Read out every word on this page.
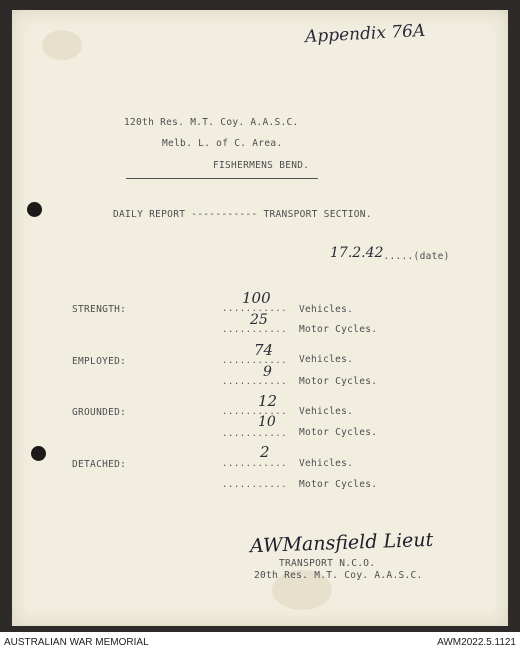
Appendix 76A
120th Res. M.T. Coy. A.A.S.C.
Melb. L. of C. Area.
FISHERMENS BEND.
DAILY REPORT ----------- TRANSPORT SECTION.
17.2.42.....(date)
STRENGTH:
100
........... Vehicles.
25
........... Motor Cycles.
EMPLOYED:
74
........... Vehicles.
9
........... Motor Cycles.
GROUNDED:
12
........... Vehicles.
10
........... Motor Cycles.
DETACHED:
2
........... Vehicles.
........... Motor Cycles.
AWMansfield Lieut
TRANSPORT N.C.O.
20th Res. M.T. Coy. A.A.S.C.
AUSTRALIAN WAR MEMORIAL	AWM2022.5.1121
